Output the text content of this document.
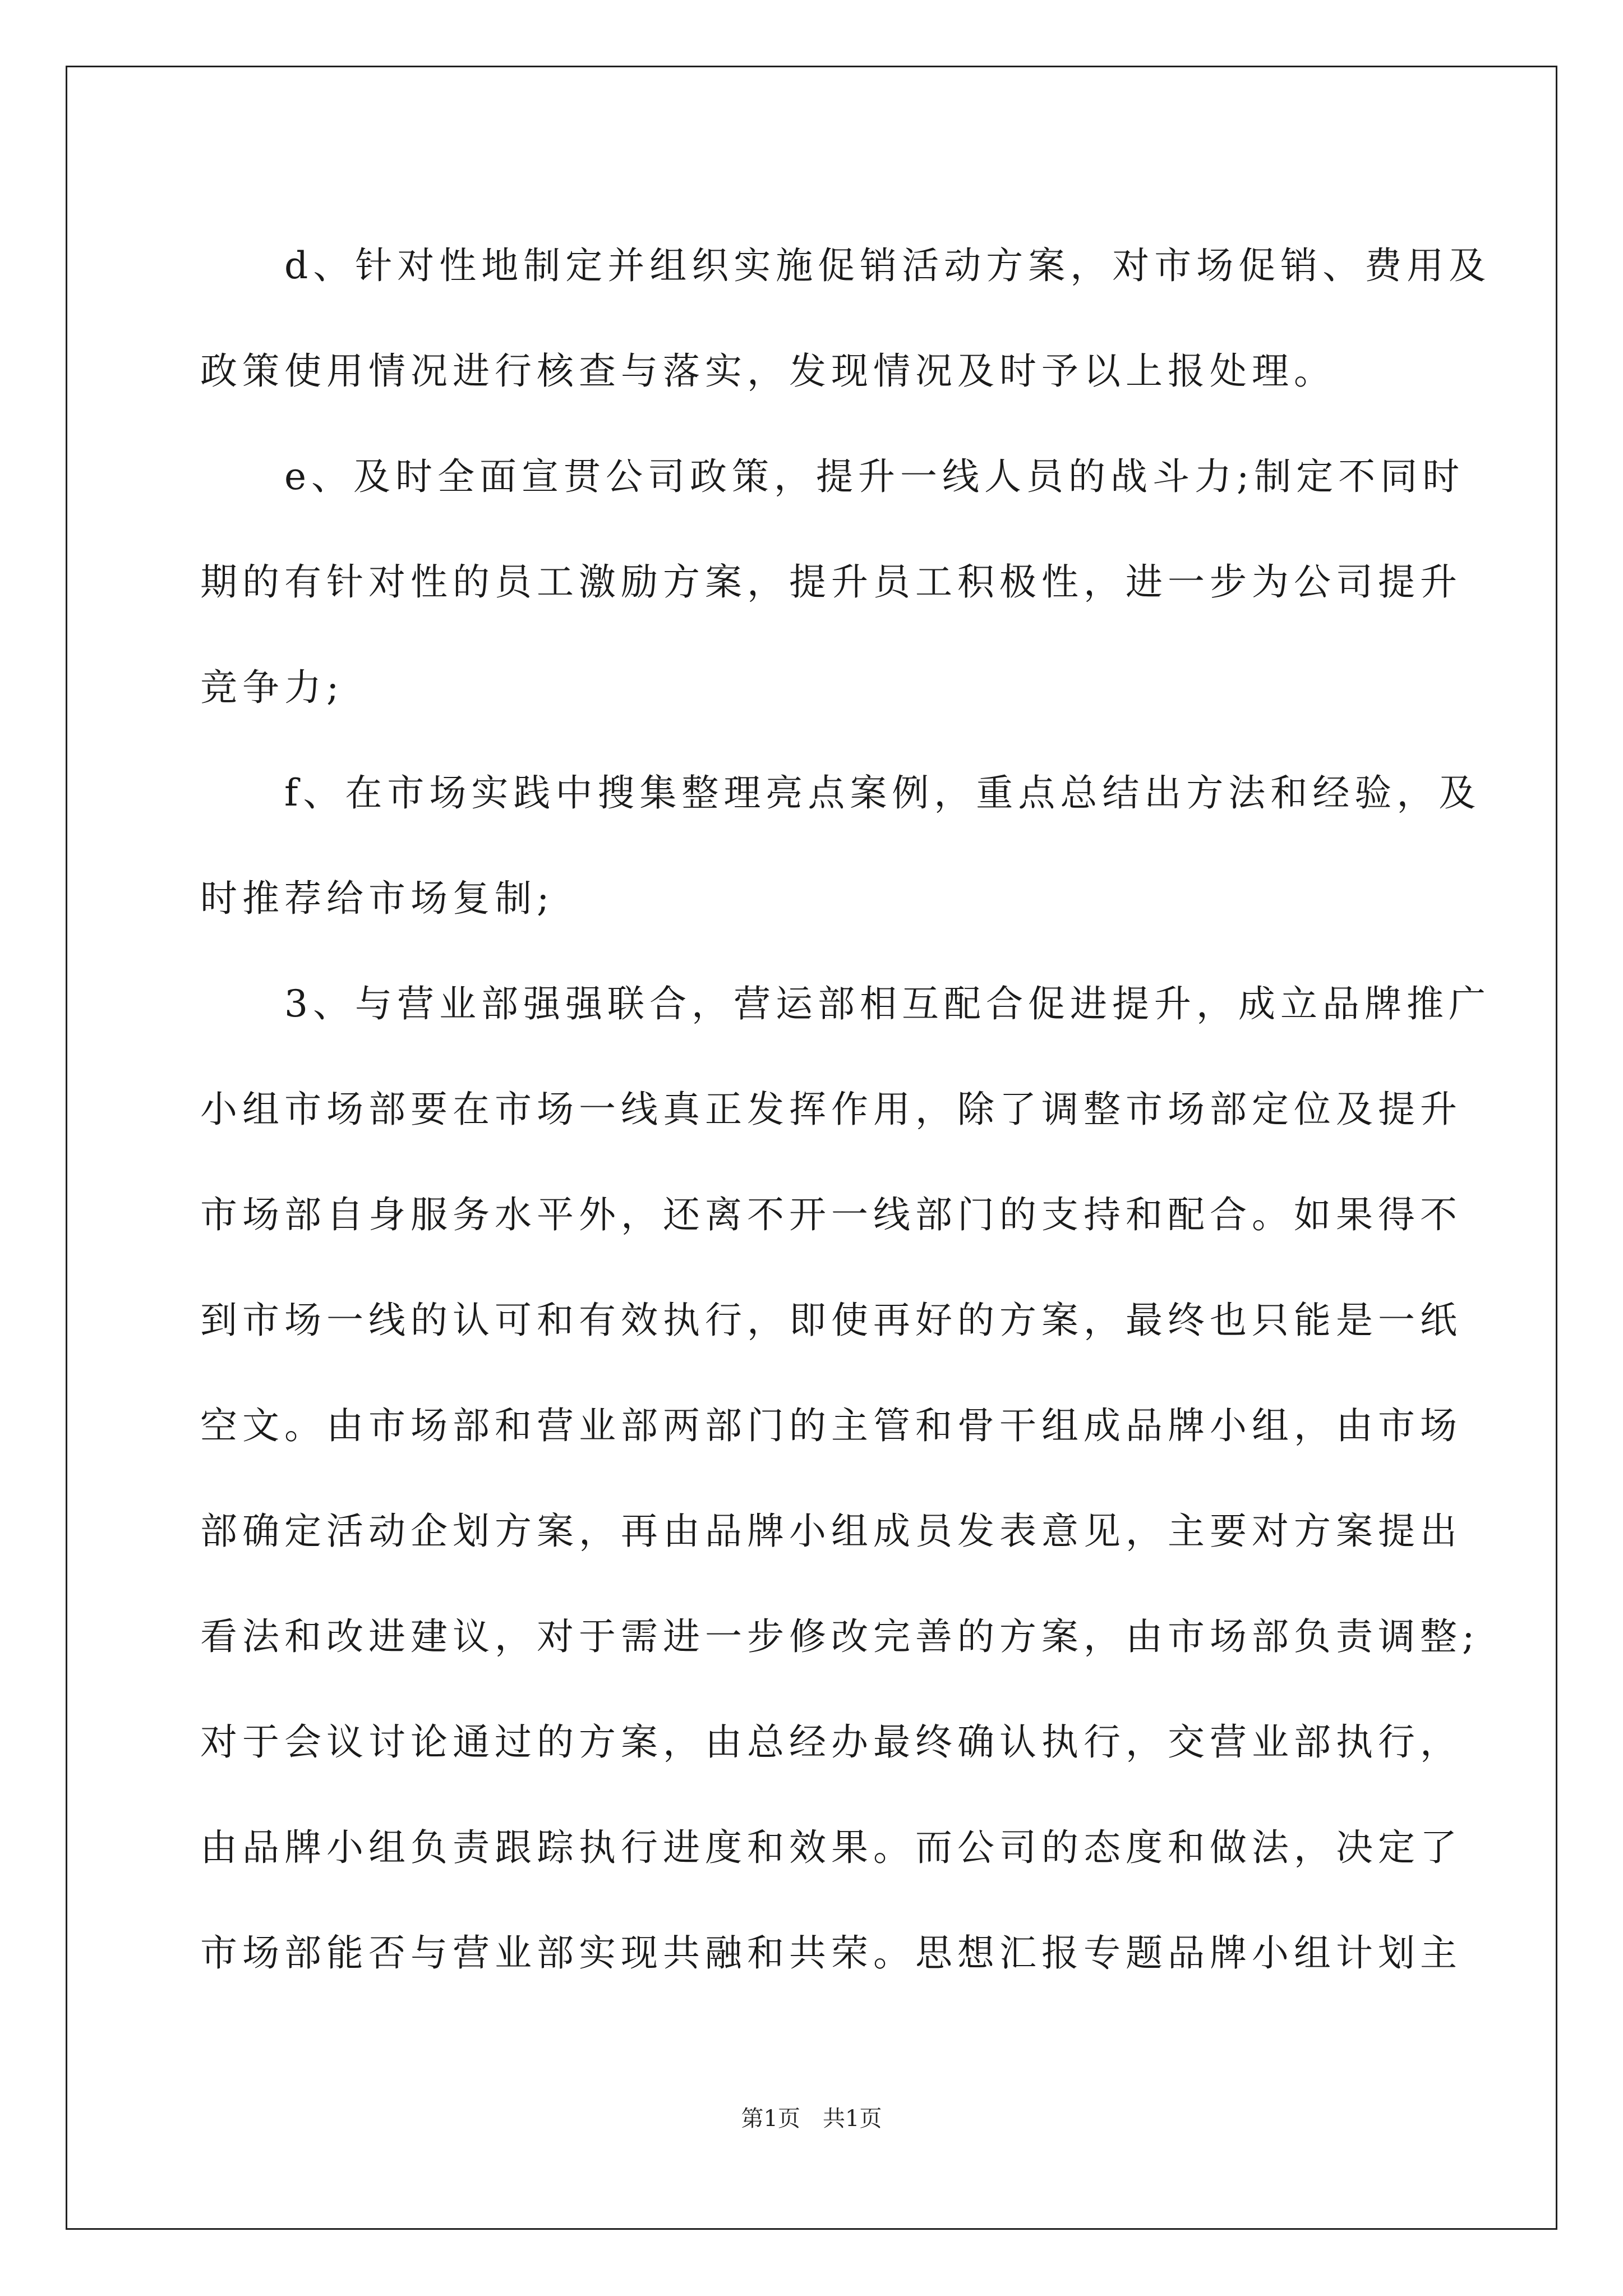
d、针对性地制定并组织实施促销活动方案，对市场促销、费用及
政策使用情况进行核查与落实，发现情况及时予以上报处理。
e、及时全面宣贯公司政策，提升一线人员的战斗力;制定不同时
期的有针对性的员工激励方案，提升员工积极性，进一步为公司提升
竞争力;
f、在市场实践中搜集整理亮点案例，重点总结出方法和经验，及
时推荐给市场复制;
3、与营业部强强联合，营运部相互配合促进提升，成立品牌推广
小组市场部要在市场一线真正发挥作用，除了调整市场部定位及提升
市场部自身服务水平外，还离不开一线部门的支持和配合。如果得不
到市场一线的认可和有效执行，即使再好的方案，最终也只能是一纸
空文。由市场部和营业部两部门的主管和骨干组成品牌小组，由市场
部确定活动企划方案，再由品牌小组成员发表意见，主要对方案提出
看法和改进建议，对于需进一步修改完善的方案，由市场部负责调整;
对于会议讨论通过的方案，由总经办最终确认执行，交营业部执行，
由品牌小组负责跟踪执行进度和效果。而公司的态度和做法，决定了
市场部能否与营业部实现共融和共荣。思想汇报专题品牌小组计划主
第1页 共1页
